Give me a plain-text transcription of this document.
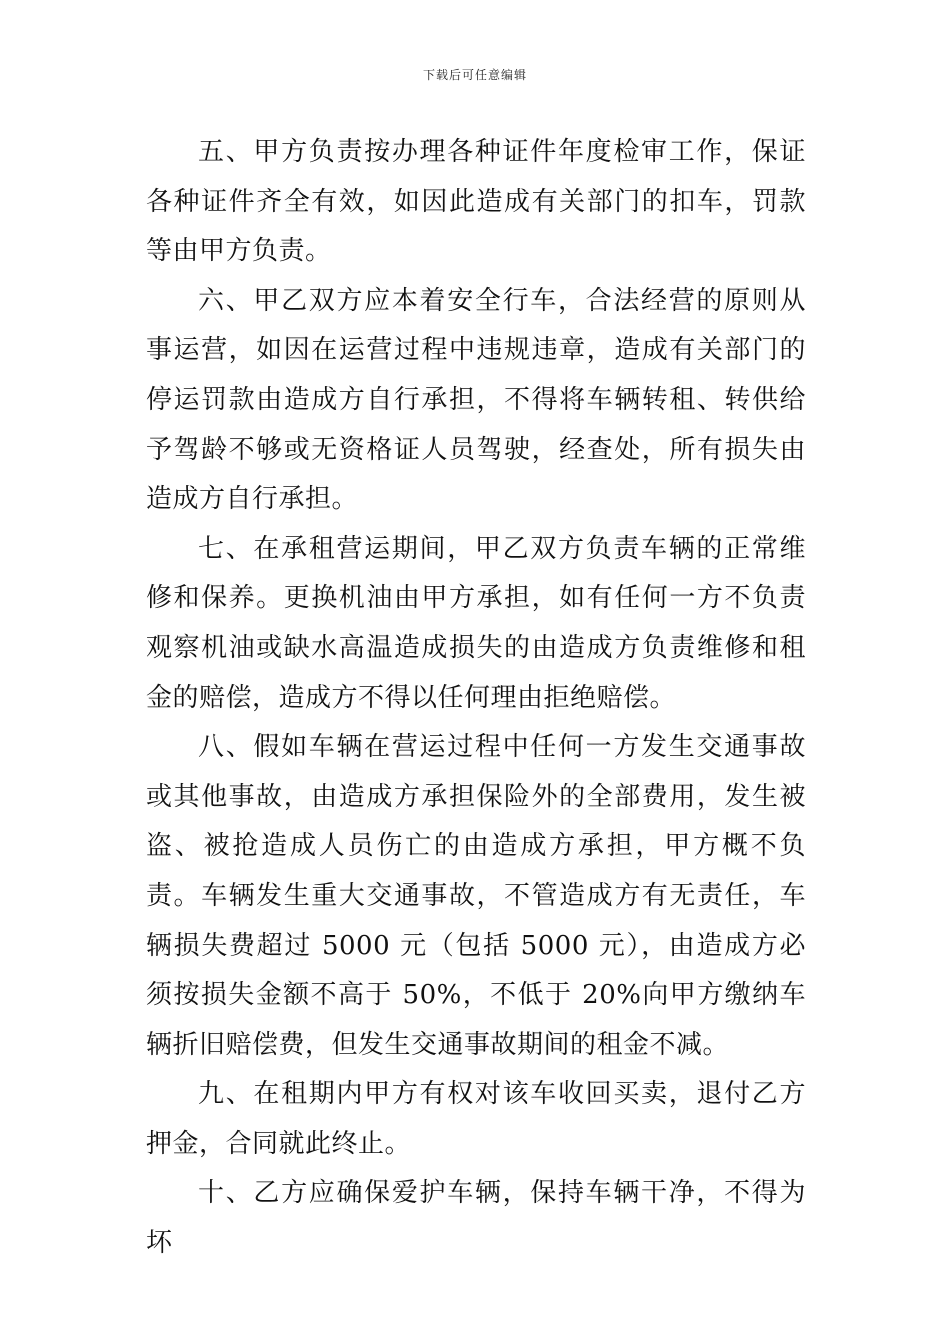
下载后可任意编辑

五、甲方负责按办理各种证件年度检审工作，保证各种证件齐全有效，如因此造成有关部门的扣车，罚款等由甲方负责。

六、甲乙双方应本着安全行车，合法经营的原则从事运营，如因在运营过程中违规违章，造成有关部门的停运罚款由造成方自行承担，不得将车辆转租、转供给予驾龄不够或无资格证人员驾驶，经查处，所有损失由造成方自行承担。

七、在承租营运期间，甲乙双方负责车辆的正常维修和保养。更换机油由甲方承担，如有任何一方不负责观察机油或缺水高温造成损失的由造成方负责维修和租金的赔偿，造成方不得以任何理由拒绝赔偿。

八、假如车辆在营运过程中任何一方发生交通事故或其他事故，由造成方承担保险外的全部费用，发生被盗、被抢造成人员伤亡的由造成方承担，甲方概不负责。车辆发生重大交通事故，不管造成方有无责任，车辆损失费超过 5000 元（包括 5000 元），由造成方必须按损失金额不高于 50%，不低于 20%向甲方缴纳车辆折旧赔偿费，但发生交通事故期间的租金不减。

九、在租期内甲方有权对该车收回买卖，退付乙方押金，合同就此终止。

十、乙方应确保爱护车辆，保持车辆干净，不得为坏
